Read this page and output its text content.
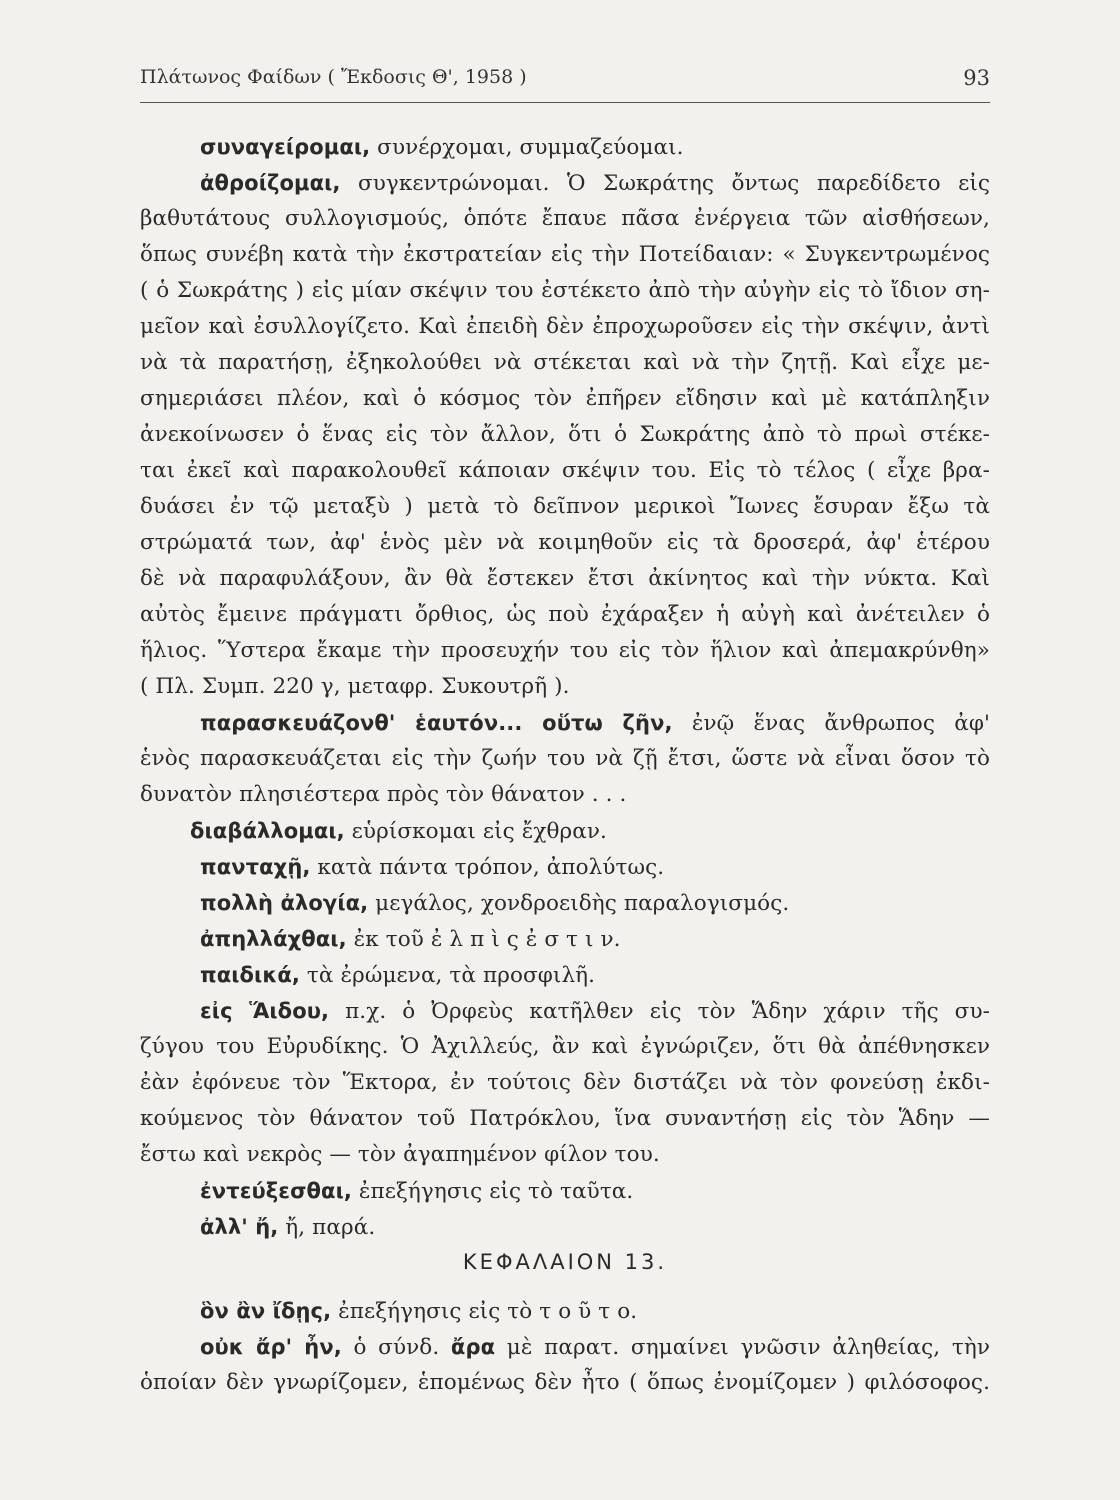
Πλάτωνος Φαίδων ( Ἔκδοσις Θ', 1958 )	93
συναγείρομαι, συνέρχομαι, συμμαζεύομαι.
ἀθροίζομαι, συγκεντρώνομαι. Ὁ Σωκράτης ὄντως παρεδίδετο εἰς
βαθυτάτους συλλογισμούς, ὁπότε ἔπαυε πᾶσα ἐνέργεια τῶν αἰσθήσεων,
ὅπως συνέβη κατὰ τὴν ἐκστρατείαν εἰς τὴν Ποτείδαιαν: « Συγκεντρωμένος
( ὁ Σωκράτης ) εἰς μίαν σκέψιν του ἐστέκετο ἀπὸ τὴν αὐγὴν εἰς τὸ ἴδιον ση-
μεῖον καὶ ἐσυλλογίζετο. Καὶ ἐπειδὴ δὲν ἐπροχωροῦσεν εἰς τὴν σκέψιν, ἀντὶ
νὰ τὰ παρατήσῃ, ἐξηκολούθει νὰ στέκεται καὶ νὰ τὴν ζητῇ. Καὶ εἶχε με-
σημεριάσει πλέον, καὶ ὁ κόσμος τὸν ἐπῆρεν εἴδησιν καὶ μὲ κατάπληξιν
ἀνεκοίνωσεν ὁ ἕνας εἰς τὸν ἄλλον, ὅτι ὁ Σωκράτης ἀπὸ τὸ πρωὶ στέκε-
ται ἐκεῖ καὶ παρακολουθεῖ κάποιαν σκέψιν του. Εἰς τὸ τέλος ( εἶχε βρα-
δυάσει ἐν τῷ μεταξὺ ) μετὰ τὸ δεῖπνον μερικοὶ Ἴωνες ἔσυραν ἔξω τὰ
στρώματά των, ἀφ' ἑνὸς μὲν νὰ κοιμηθοῦν εἰς τὰ δροσερά, ἀφ' ἑτέρου
δὲ νὰ παραφυλάξουν, ἂν θὰ ἔστεκεν ἔτσι ἀκίνητος καὶ τὴν νύκτα. Καὶ
αὐτὸς ἔμεινε πράγματι ὄρθιος, ὡς ποὺ ἐχάραξεν ἡ αὐγὴ καὶ ἀνέτειλεν ὁ
ἥλιος. Ὕστερα ἔκαμε τὴν προσευχήν του εἰς τὸν ἥλιον καὶ ἀπεμακρύνθη»
( Πλ. Συμπ. 220 γ, μεταφρ. Συκουτρῆ ).
παρασκευάζονθ' ἑαυτόν... οὕτω ζῆν, ἐνῷ ἕνας ἄνθρωπος ἀφ'
ἑνὸς παρασκευάζεται εἰς τὴν ζωήν του νὰ ζῇ ἔτσι, ὥστε νὰ εἶναι ὅσον τὸ
δυνατὸν πλησιέστερα πρὸς τὸν θάνατον . . .
διαβάλλομαι, εὑρίσκομαι εἰς ἔχθραν.
πανταχῇ, κατὰ πάντα τρόπον, ἀπολύτως.
πολλὴ ἀλογία, μεγάλος, χονδροειδὴς παραλογισμός.
ἀπηλλάχθαι, ἐκ τοῦ ἐ λ π ὶ ς ἐ σ τ ι ν.
παιδικά, τὰ ἐρώμενα, τὰ προσφιλῆ.
εἰς Ἅιδου, π.χ. ὁ Ὀρφεὺς κατῆλθεν εἰς τὸν Ἅδην χάριν τῆς συ-
ζύγου του Εὐρυδίκης. Ὁ Ἀχιλλεύς, ἂν καὶ ἐγνώριζεν, ὅτι θὰ ἀπέθνησκεν
ἐὰν ἐφόνευε τὸν Ἕκτορα, ἐν τούτοις δὲν διστάζει νὰ τὸν φονεύσῃ ἐκδι-
κούμενος τὸν θάνατον τοῦ Πατρόκλου, ἵνα συναντήσῃ εἰς τὸν Ἅδην —
ἔστω καὶ νεκρὸς — τὸν ἀγαπημένον φίλον του.
ἐντεύξεσθαι, ἐπεξήγησις εἰς τὸ ταῦτα.
ἀλλ' ἤ, ἤ, παρά.
ΚΕΦΑΛΑΙΟΝ 13.
ὃν ἂν ἴδῃς, ἐπεξήγησις εἰς τὸ τ ο ῦ τ ο.
οὐκ ἄρ' ἦν, ὁ σύνδ. ἄρα μὲ παρατ. σημαίνει γνῶσιν ἀληθείας, τὴν
ὁποίαν δὲν γνωρίζομεν, ἑπομένως δὲν ἦτο ( ὅπως ἐνομίζομεν ) φιλόσοφος.
